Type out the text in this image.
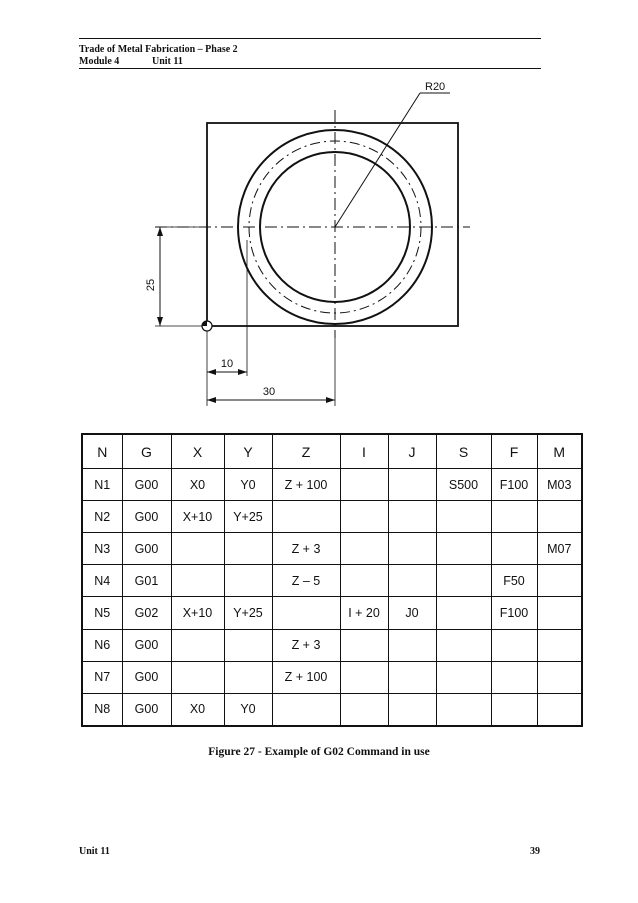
Trade of Metal Fabrication – Phase 2
Module 4	Unit 11
R20
25
10
30
N	G	X	Y	Z	I	J	S	F	M
N1	G00	X0	Y0	Z + 100			S500	F100	M03
N2	G00	X+10	Y+25						
N3	G00			Z + 3					M07
N4	G01			Z – 5				F50	
N5	G02	X+10	Y+25		I + 20	J0		F100	
N6	G00			Z + 3					
N7	G00			Z + 100					
N8	G00	X0	Y0						
Figure 27 - Example of G02 Command in use
Unit 11	39
